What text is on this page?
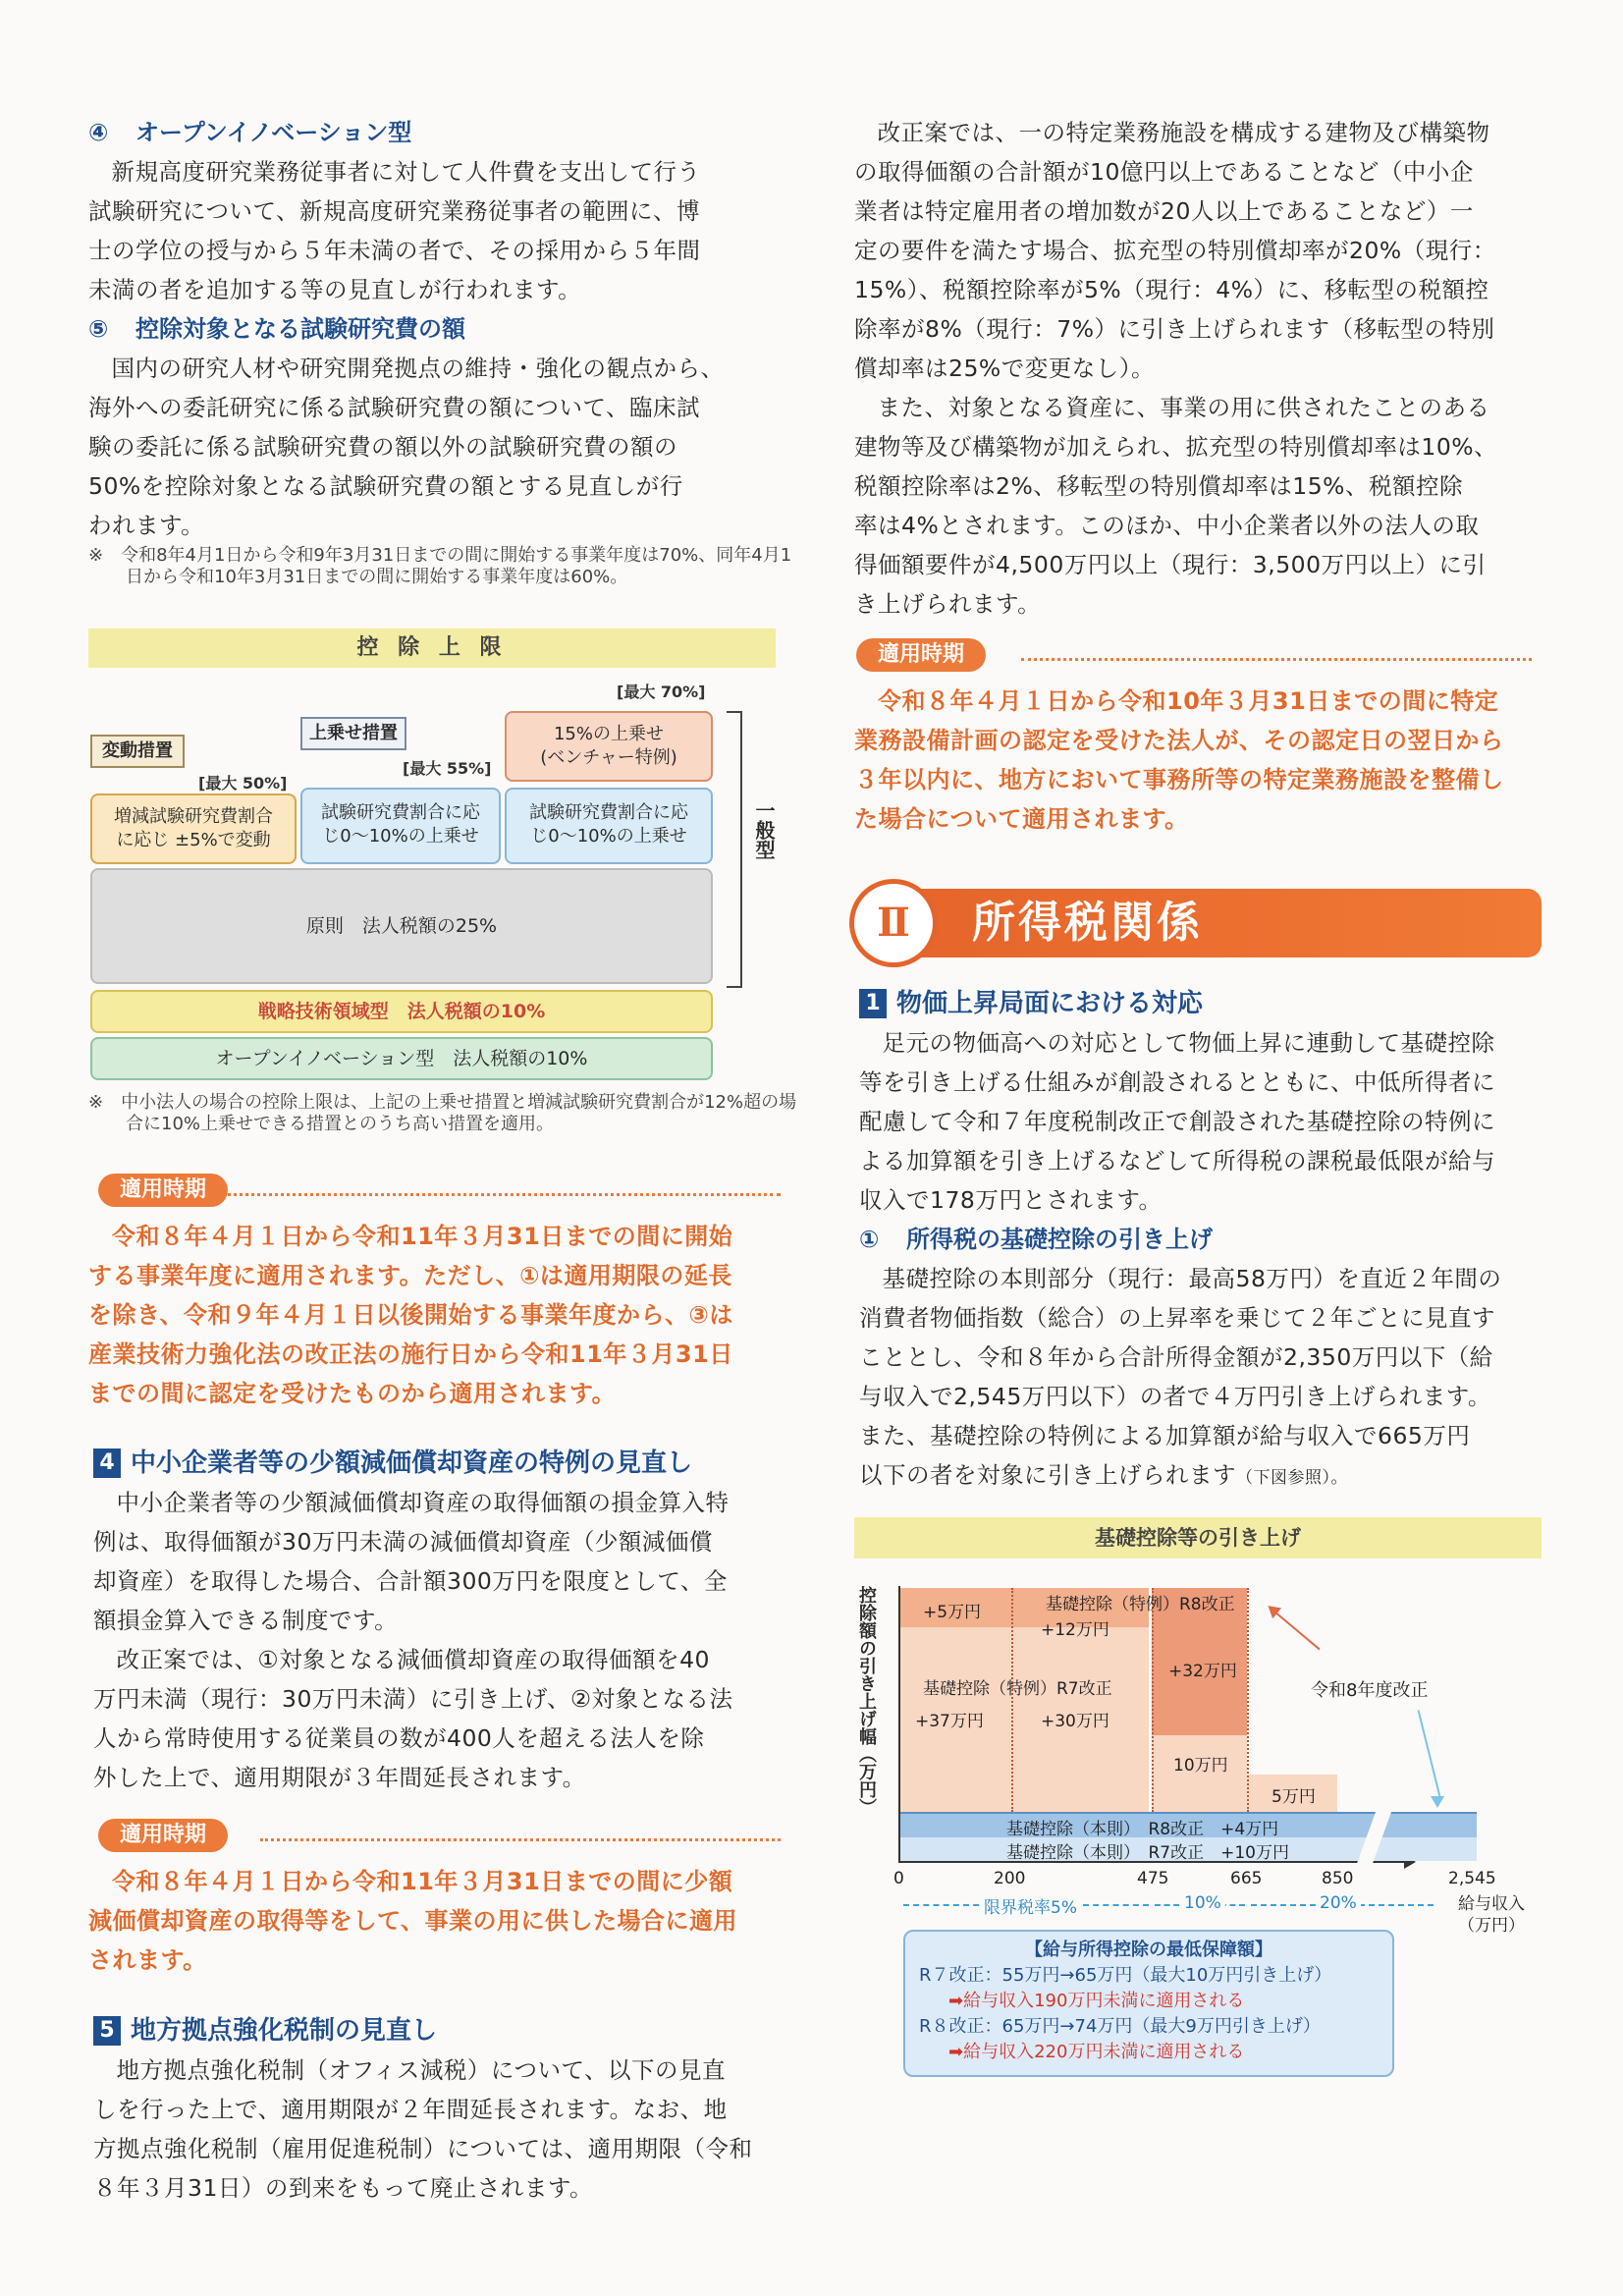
④ オープンイノベーション型

新規高度研究業務従事者に対して人件費を支出して行う

試験研究について、新規高度研究業務従事者の範囲に、博

士の学位の授与から５年未満の者で、その採用から５年間

未満の者を追加する等の見直しが行われます。

⑤ 控除対象となる試験研究費の額

国内の研究人材や研究開発拠点の維持・強化の観点から、

海外への委託研究に係る試験研究費の額について、臨床試

験の委託に係る試験研究費の額以外の試験研究費の額の

50%を控除対象となる試験研究費の額とする見直しが行

われます。

※　令和8年4月1日から令和9年3月31日までの間に開始する事業年度は70%、同年4月1日から令和10年3月31日までの間に開始する事業年度は60%。

控 除 上 限
[最大 70%]
[最大 55%]
[最大 50%]
変動措置
上乗せ措置	15%の上乗せ
(ベンチャー特例)
増減試験研究費割合
に応じ ±5%で変動
試験研究費割合に応
じ0～10%の上乗せ
試験研究費割合に応
じ0～10%の上乗せ
原則　法人税額の25%
一般型
戦略技術領域型　法人税額の10%
オープンイノベーション型　法人税額の10%

※　中小法人の場合の控除上限は、上記の上乗せ措置と増減試験研究費割合が12%超の場合に10%上乗せできる措置とのうち高い措置を適用。

適用時期

令和８年４月１日から令和11年３月31日までの間に開始

する事業年度に適用されます。ただし、①は適用期限の延長

を除き、令和９年４月１日以後開始する事業年度から、③は

産業技術力強化法の改正法の施行日から令和11年３月31日

までの間に認定を受けたものから適用されます。

4 中小企業者等の少額減価償却資産の特例の見直し

中小企業者等の少額減価償却資産の取得価額の損金算入特

例は、取得価額が30万円未満の減価償却資産（少額減価償

却資産）を取得した場合、合計額300万円を限度として、全

額損金算入できる制度です。

改正案では、①対象となる減価償却資産の取得価額を40

万円未満（現行：30万円未満）に引き上げ、②対象となる法

人から常時使用する従業員の数が400人を超える法人を除

外した上で、適用期限が３年間延長されます。

適用時期

令和８年４月１日から令和11年３月31日までの間に少額

減価償却資産の取得等をして、事業の用に供した場合に適用

されます。

5 地方拠点強化税制の見直し

地方拠点強化税制（オフィス減税）について、以下の見直

しを行った上で、適用期限が２年間延長されます。なお、地

方拠点強化税制（雇用促進税制）については、適用期限（令和

８年３月31日）の到来をもって廃止されます。

改正案では、一の特定業務施設を構成する建物及び構築物

の取得価額の合計額が10億円以上であることなど（中小企

業者は特定雇用者の増加数が20人以上であることなど）一

定の要件を満たす場合、拡充型の特別償却率が20%（現行：

15%）、税額控除率が5%（現行：4%）に、移転型の税額控

除率が8%（現行：7%）に引き上げられます（移転型の特別

償却率は25%で変更なし）。

また、対象となる資産に、事業の用に供されたことのある

建物等及び構築物が加えられ、拡充型の特別償却率は10%、

税額控除率は2%、移転型の特別償却率は15%、税額控除

率は4%とされます。このほか、中小企業者以外の法人の取

得価額要件が4,500万円以上（現行：3,500万円以上）に引

き上げられます。

適用時期

令和８年４月１日から令和10年３月31日までの間に特定

業務設備計画の認定を受けた法人が、その認定日の翌日から

３年以内に、地方において事務所等の特定業務施設を整備し

た場合について適用されます。

Ⅱ	所得税関係

1 物価上昇局面における対応

足元の物価高への対応として物価上昇に連動して基礎控除

等を引き上げる仕組みが創設されるとともに、中低所得者に

配慮して令和７年度税制改正で創設された基礎控除の特例に

よる加算額を引き上げるなどして所得税の課税最低限が給与

収入で178万円とされます。

① 所得税の基礎控除の引き上げ

基礎控除の本則部分（現行：最高58万円）を直近２年間の

消費者物価指数（総合）の上昇率を乗じて２年ごとに見直す

こととし、令和８年から合計所得金額が2,350万円以下（給

与収入で2,545万円以下）の者で４万円引き上げられます。

また、基礎控除の特例による加算額が給与収入で665万円

以下の者を対象に引き上げられます（下図参照）。

基礎控除等の引き上げ
控除額の引き上げ幅（万円）	基礎控除（特例）R8改正
+5万円
+12万円
+32万円
基礎控除（特例）R7改正
+37万円	+30万円
10万円
5万円
基礎控除（本則）　R8改正　+4万円
基礎控除（本則）　R7改正　+10万円
令和8年度改正
0	200	475	665	850	2,545
給与収入
（万円）
限界税率5%	10%	20%
【給与所得控除の最低保障額】
R７改正：55万円→65万円（最大10万円引き上げ）
➡給与収入190万円未満に適用される
R８改正：65万円→74万円（最大9万円引き上げ）
➡給与収入220万円未満に適用される
